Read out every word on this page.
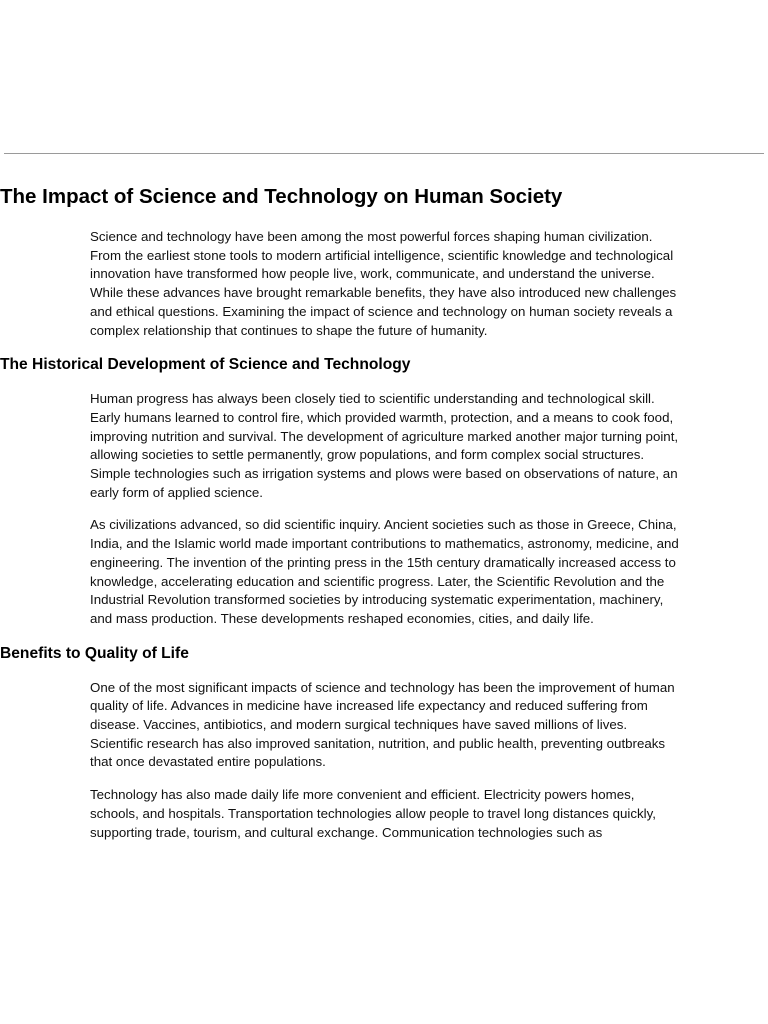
The Impact of Science and Technology on Human Society

Science and technology have been among the most powerful forces shaping human civilization. From the earliest stone tools to modern artificial intelligence, scientific knowledge and technological innovation have transformed how people live, work, communicate, and understand the universe. While these advances have brought remarkable benefits, they have also introduced new challenges and ethical questions. Examining the impact of science and technology on human society reveals a complex relationship that continues to shape the future of humanity.

The Historical Development of Science and Technology

Human progress has always been closely tied to scientific understanding and technological skill. Early humans learned to control fire, which provided warmth, protection, and a means to cook food, improving nutrition and survival. The development of agriculture marked another major turning point, allowing societies to settle permanently, grow populations, and form complex social structures. Simple technologies such as irrigation systems and plows were based on observations of nature, an early form of applied science.

As civilizations advanced, so did scientific inquiry. Ancient societies such as those in Greece, China, India, and the Islamic world made important contributions to mathematics, astronomy, medicine, and engineering. The invention of the printing press in the 15th century dramatically increased access to knowledge, accelerating education and scientific progress. Later, the Scientific Revolution and the Industrial Revolution transformed societies by introducing systematic experimentation, machinery, and mass production. These developments reshaped economies, cities, and daily life.

Benefits to Quality of Life

One of the most significant impacts of science and technology has been the improvement of human quality of life. Advances in medicine have increased life expectancy and reduced suffering from disease. Vaccines, antibiotics, and modern surgical techniques have saved millions of lives. Scientific research has also improved sanitation, nutrition, and public health, preventing outbreaks that once devastated entire populations.

Technology has also made daily life more convenient and efficient. Electricity powers homes, schools, and hospitals. Transportation technologies allow people to travel long distances quickly, supporting trade, tourism, and cultural exchange. Communication technologies such as
